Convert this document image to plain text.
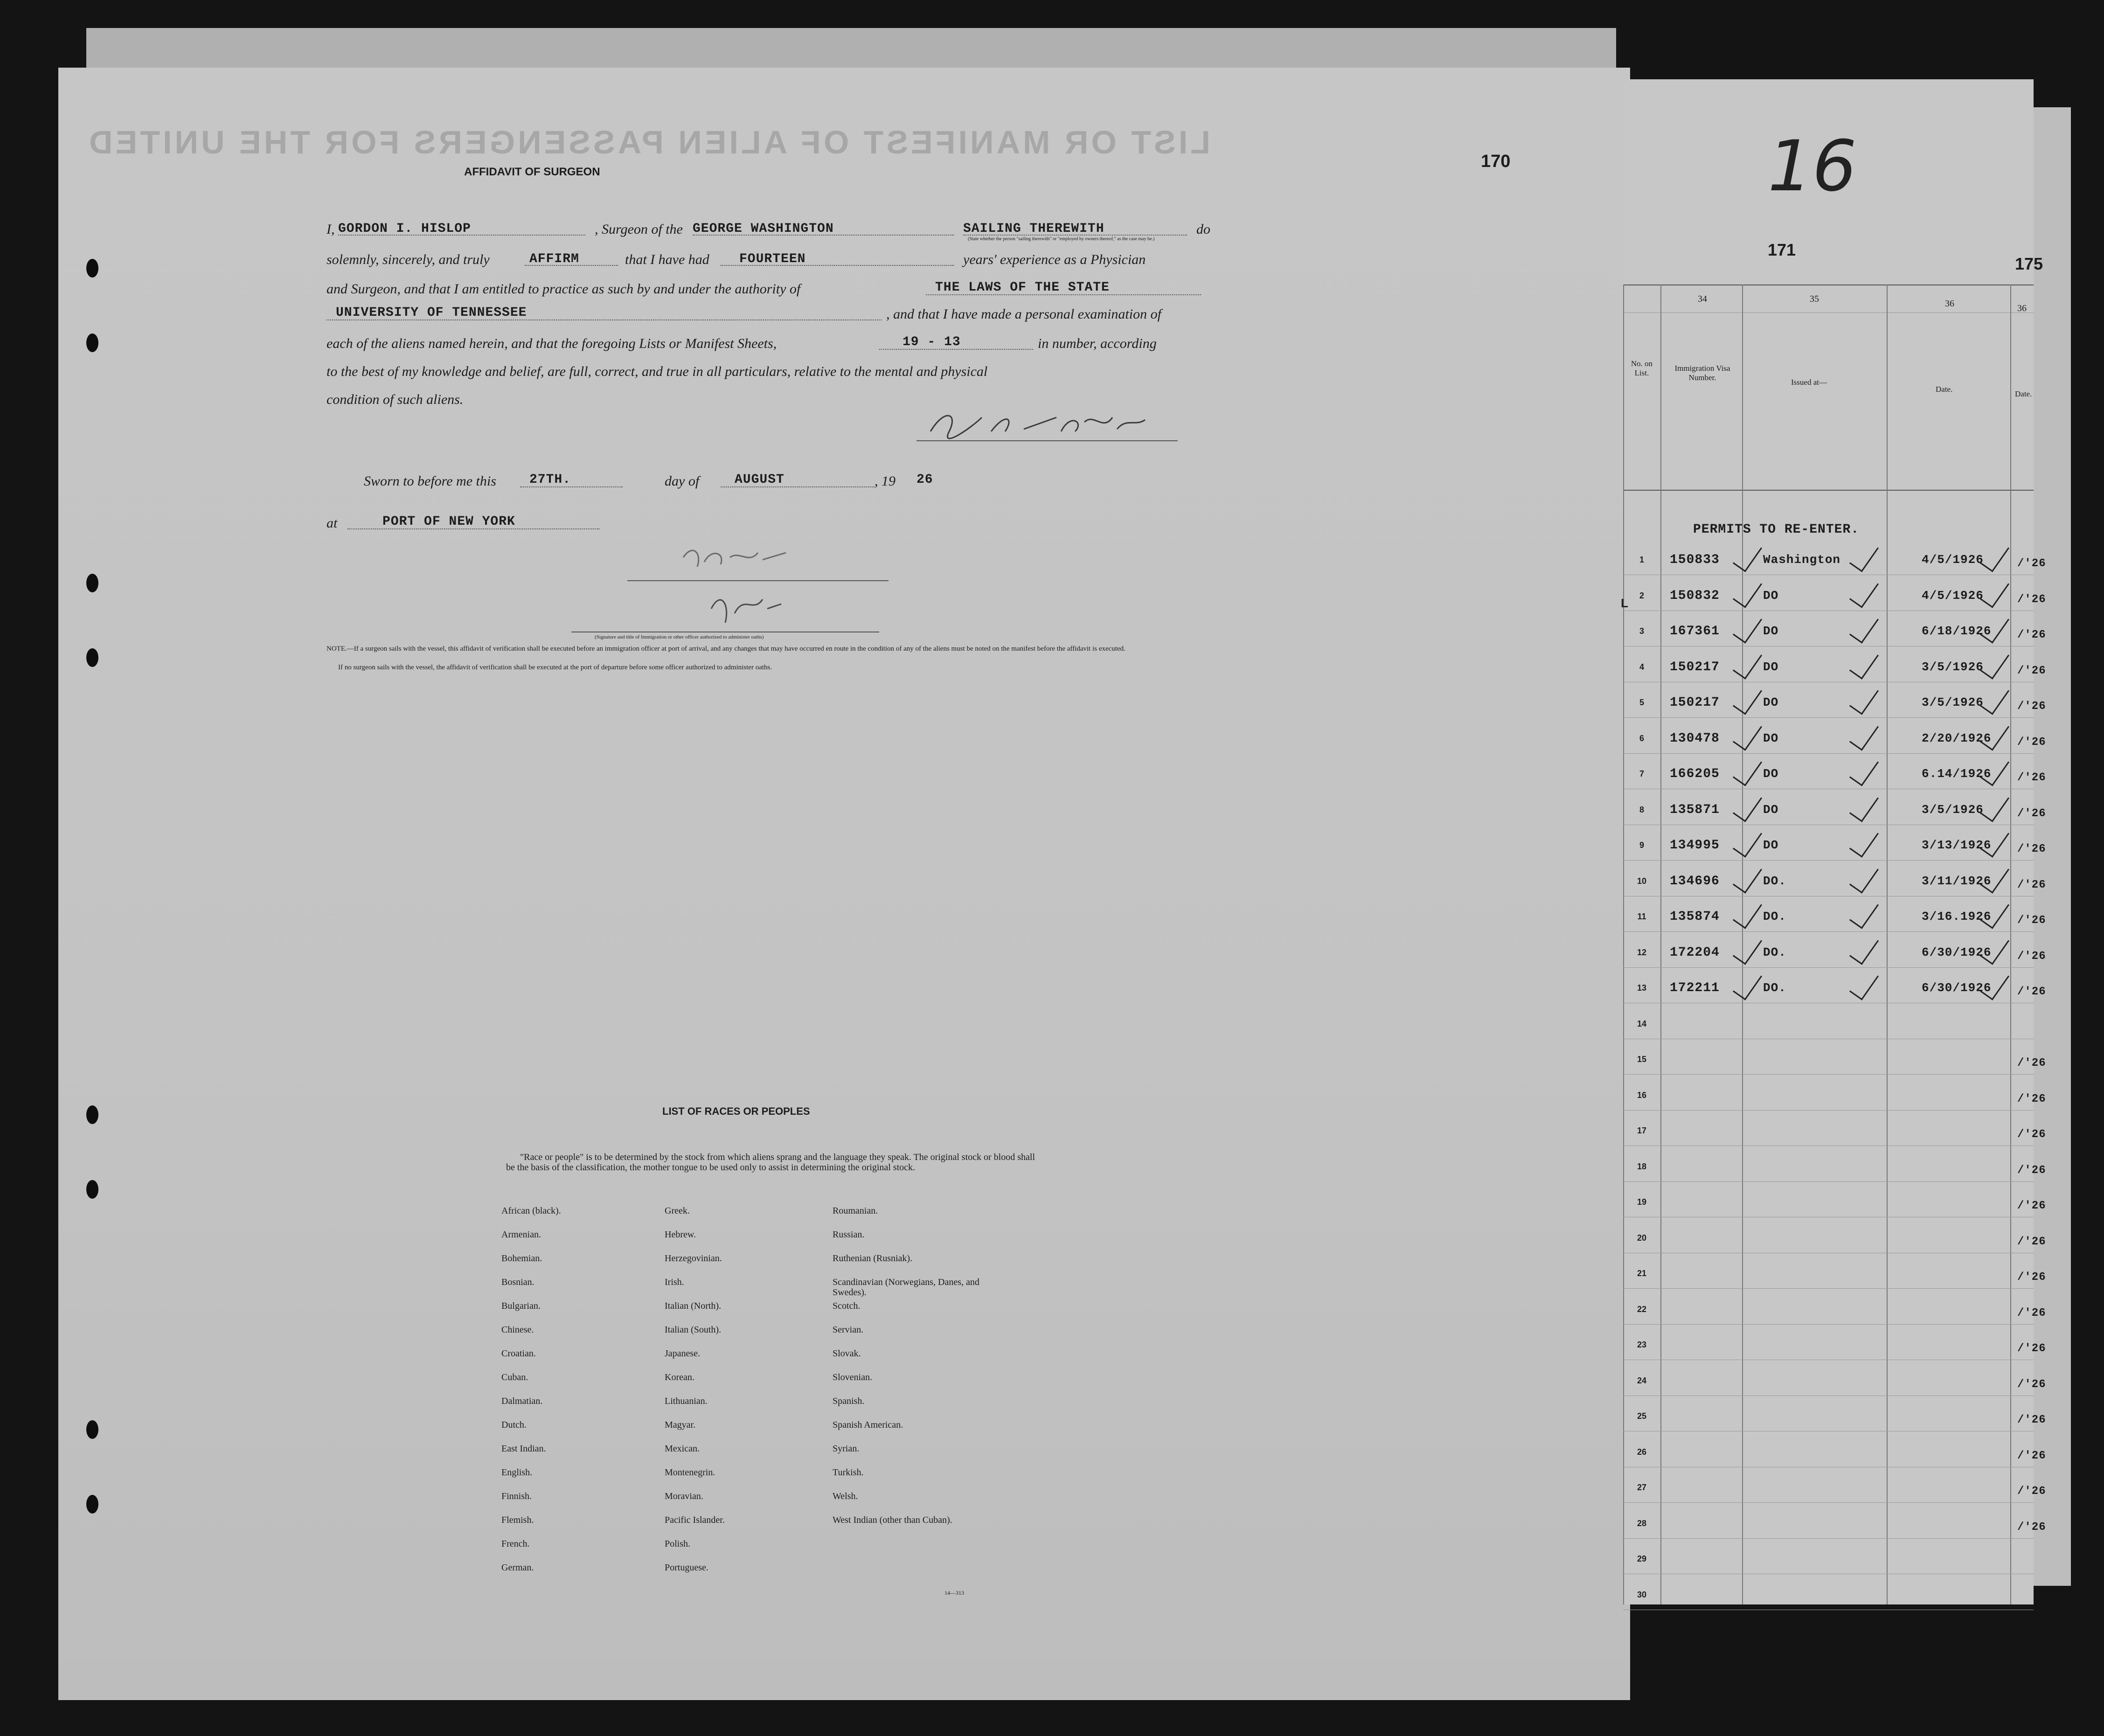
LIST OR MANIFEST OF ALIEN PASSENGERS FOR THE UNITED
AFFIDAVIT OF SURGEON
I, GORDON I. HISLOP	, Surgeon of the GEORGE WASHINGTON	SAILING THEREWITH	do
(State whether the person "sailing therewith" or "employed by owners thereof," as the case may be.)
solemnly, sincerely, and truly	AFFIRM	that I have had FOURTEEN	years' experience as a Physician
and Surgeon, and that I am entitled to practice as such by and under the authority of	THE LAWS OF THE STATE
UNIVERSITY OF TENNESSEE	, and that I have made a personal examination of
each of the aliens named herein, and that the foregoing Lists or Manifest Sheets,	19 - 13	in number, according
to the best of my knowledge and belief, are full, correct, and true in all particulars, relative to the mental and physical
condition of such aliens.
Sworn to before me this	27TH.	day of	AUGUST	, 19 26
at	PORT OF NEW YORK
(Signature and title of Immigration or other officer authorized to administer oaths)
NOTE.—If a surgeon sails with the vessel, this affidavit of verification shall be executed before an immigration officer at port of arrival, and any changes that may have occurred en route in the condition of any of the aliens must be noted on the manifest before the affidavit is executed.
If no surgeon sails with the vessel, the affidavit of verification shall be executed at the port of departure before some officer authorized to administer oaths.
LIST OF RACES OR PEOPLES
"Race or people" is to be determined by the stock from which aliens sprang and the language they speak. The original stock or blood shall be the basis of the classification, the mother tongue to be used only to assist in determining the original stock.
African (black).
Armenian.
Bohemian.
Bosnian.
Bulgarian.
Chinese.
Croatian.
Cuban.
Dalmatian.
Dutch.
East Indian.
English.
Finnish.
Flemish.
French.
German.

Greek.
Hebrew.
Herzegovinian.
Irish.
Italian (North).
Italian (South).
Japanese.
Korean.
Lithuanian.
Magyar.
Mexican.
Montenegrin.
Moravian.
Pacific Islander.
Polish.
Portuguese.

Roumanian.
Russian.
Ruthenian (Rusniak).
Scandinavian (Norwegians, Danes, and Swedes).
Scotch.
Servian.
Slovak.
Slovenian.
Spanish.
Spanish American.
Syrian.
Turkish.
Welsh.
West Indian (other than Cuban).
14—313
170	16
171
175
34	35	36	36
No. on List.
Immigration Visa Number.
Issued at—
Date.
Date.
PERMITS TO RE-ENTER.
1	150833	Washington	4/5/1926	/'26
2	150832	DO	4/5/1926	/'26
3	167361	DO	6/18/1926 /'26
4	150217	DO	3/5/1926	/'26
5	150217	DO	3/5/1926	/'26
6	130478	DO	2/20/1926 /'26
7	166205	DO	6.14/1926 /'26
8	135871	DO	3/5/1926	/'26
9	134995	DO	3/13/1926 /'26
10	134696	DO.	3/11/1926 /'26
11	135874	DO.	3/16.1926 /'26
12	172204	DO.	6/30/1926 /'26
13	172211	DO.	6/30/1926 /'26
14
15	/'26
16	/'26
17	/'26
18	/'26
19	/'26
20	/'26
21	/'26
22	/'26
23	/'26
24	/'26
25	/'26
26	/'26
27	/'26
28	/'26
29
30
L
